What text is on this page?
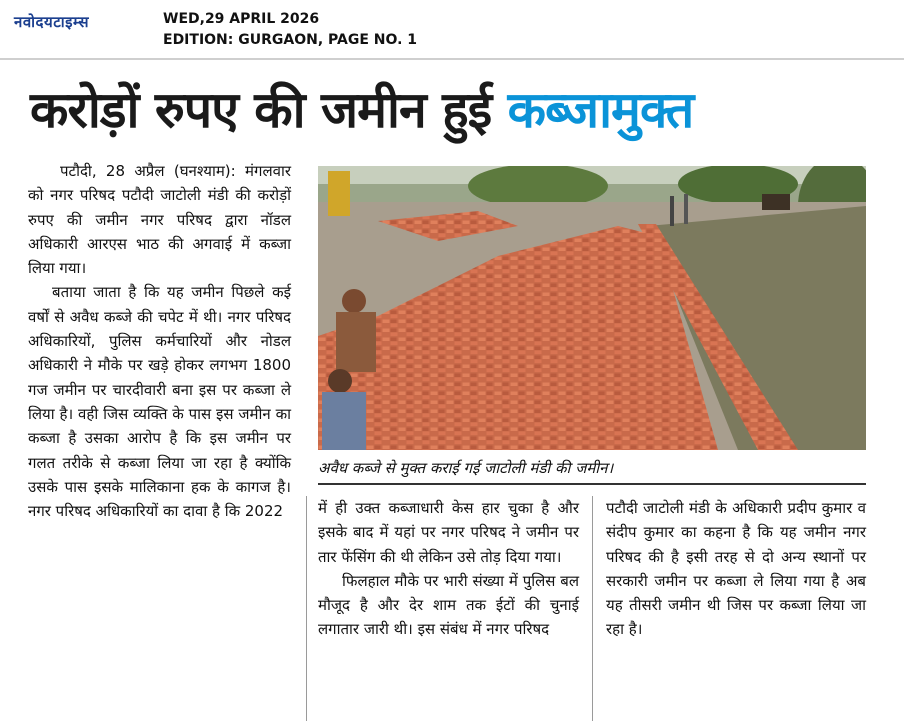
नवोदयटाइम्स	WED,29 APRIL 2026
EDITION: GURGAON, PAGE NO. 1
करोड़ों रुपए की जमीन हुई कब्जामुक्त

पटौदी, 28 अप्रैल (घनश्याम): मंगलवार को नगर परिषद पटौदी जाटोली मंडी की करोड़ों रुपए की जमीन नगर परिषद द्वारा नॉडल अधिकारी आरएस भाठ की अगवाई में कब्जा लिया गया।

बताया जाता है कि यह जमीन पिछले कई वर्षों से अवैध कब्जे की चपेट में थी। नगर परिषद अधिकारियों, पुलिस कर्मचारियों और नोडल अधिकारी ने मौके पर खड़े होकर लगभग 1800 गज जमीन पर चारदीवारी बना इस पर कब्जा ले लिया है। वही जिस व्यक्ति के पास इस जमीन का कब्जा है उसका आरोप है कि इस जमीन पर गलत तरीके से कब्जा लिया जा रहा है क्योंकि उसके पास इसके मालिकाना हक के कागज है। नगर परिषद अधिकारियों का दावा है कि 2022

अवैध कब्जे से मुक्त कराई गई जाटोली मंडी की जमीन।

में ही उक्त कब्जाधारी केस हार चुका है और इसके बाद में यहां पर नगर परिषद ने जमीन पर तार फेंसिंग की थी लेकिन उसे तोड़ दिया गया।

फिलहाल मौके पर भारी संख्या में पुलिस बल मौजूद है और देर शाम तक ईटों की चुनाई लगातार जारी थी। इस संबंध में नगर परिषद

पटौदी जाटोली मंडी के अधिकारी प्रदीप कुमार व संदीप कुमार का कहना है कि यह जमीन नगर परिषद की है इसी तरह से दो अन्य स्थानों पर सरकारी जमीन पर कब्जा ले लिया गया है अब यह तीसरी जमीन थी जिस पर कब्जा लिया जा रहा है।
